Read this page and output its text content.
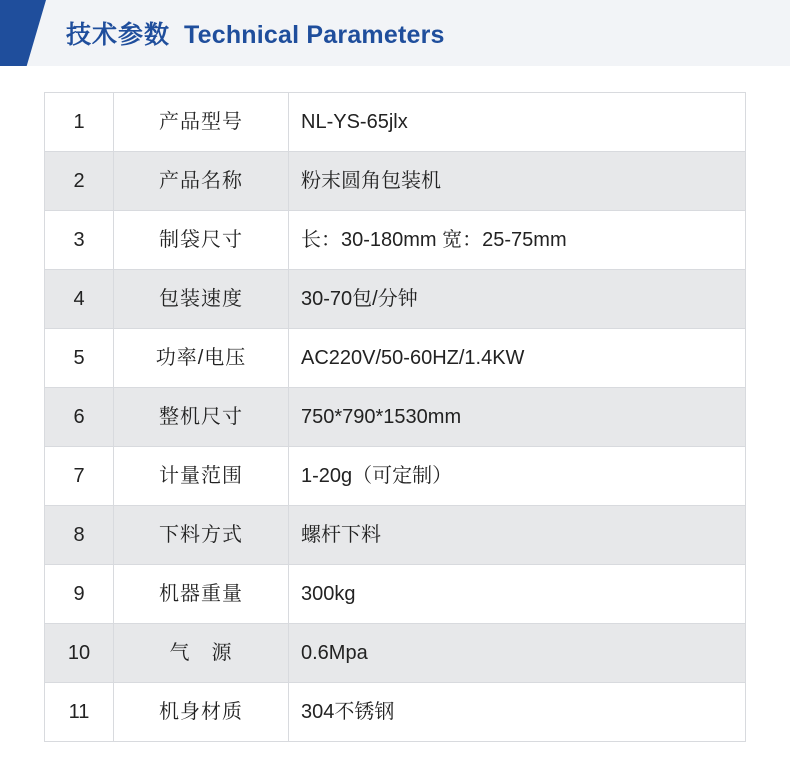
技术参数 Technical Parameters
1	产品型号	NL-YS-65jlx
2	产品名称	粉末圆角包装机
3	制袋尺寸	长：30-180mm 宽：25-75mm
4	包装速度	30-70包/分钟
5	功率/电压	AC220V/50-60HZ/1.4KW
6	整机尺寸	750*790*1530mm
7	计量范围	1-20g（可定制）
8	下料方式	螺杆下料
9	机器重量	300kg
10	气　源	0.6Mpa
11	机身材质	304不锈钢
